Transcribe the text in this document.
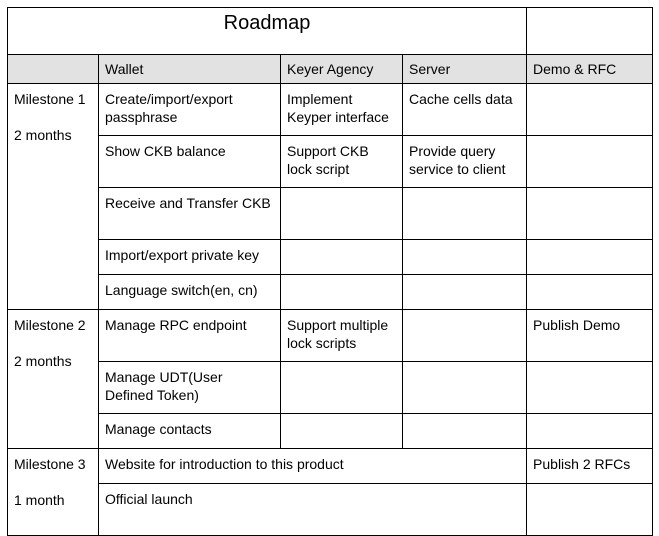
Roadmap				
	Wallet	Keyer Agency	Server	Demo & RFC

Milestone 1
2 months	Create/import/export passphrase	Implement Keyper interface	Cache cells data	
	Show CKB balance	Support CKB lock script	Provide query service to client	
	Receive and Transfer CKB			
	Import/export private key			
	Language switch(en, cn)			

Milestone 2
2 months	Manage RPC endpoint	Support multiple lock scripts		Publish Demo
	Manage UDT(User Defined Token)			
	Manage contacts			

Milestone 3
1 month	Website for introduction to this product			Publish 2 RFCs
	Official launch			
